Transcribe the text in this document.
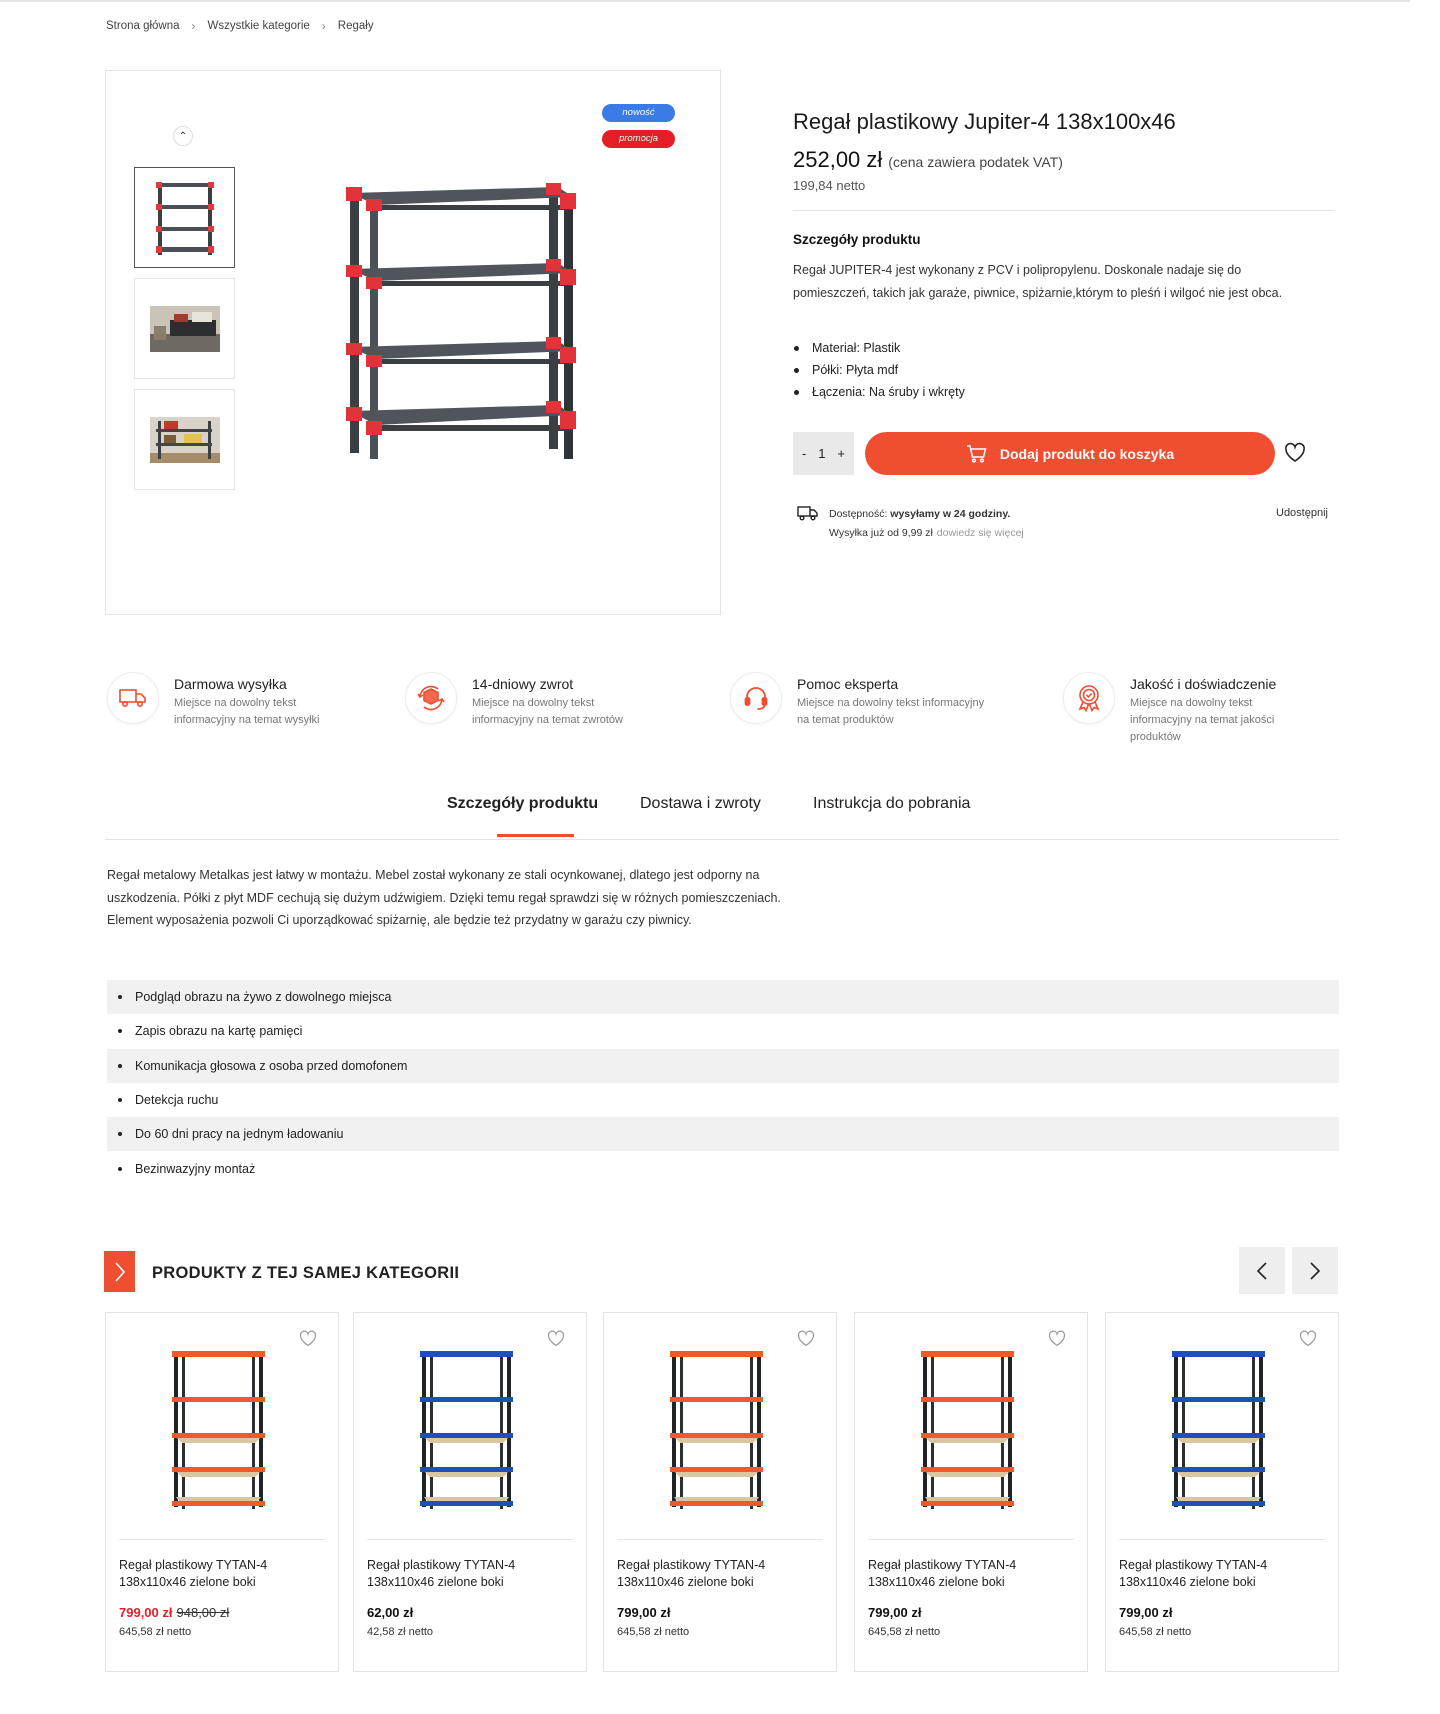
Strona główna › Wszystkie kategorie › Regały
⌃
nowość
promocja
Regał plastikowy Jupiter-4 138x100x46
252,00 zł (cena zawiera podatek VAT)
199,84 netto
Szczegóły produktu

Regał JUPITER-4 jest wykonany z PCV i polipropylenu. Doskonale nadaje się do pomieszczeń, takich jak garaże, piwnice, spiżarnie,którym to pleśń i wilgoć nie jest obca.

Materiał: Plastik
Półki: Płyta mdf
Łączenia: Na śruby i wkręty
- 1 +	Dodaj produkt do koszyka
Dostępność: wysyłamy w 24 godziny.
Wysyłka już od 9,99 zł dowiedz się więcej
Udostępnij
Darmowa wysyłka

Miejsce na dowolny tekst informacyjny na temat wysyłki

14-dniowy zwrot

Miejsce na dowolny tekst informacyjny na temat zwrotów

Pomoc eksperta

Miejsce na dowolny tekst informacyjny na temat produktów

Jakość i doświadczenie

Miejsce na dowolny tekst informacyjny na temat jakości produktów

Szczegóły produktu	Dostawa i zwroty	Instrukcja do pobrania

Regał metalowy Metalkas jest łatwy w montażu. Mebel został wykonany ze stali ocynkowanej, dlatego jest odporny na uszkodzenia. Półki z płyt MDF cechują się dużym udźwigiem. Dzięki temu regał sprawdzi się w różnych pomieszczeniach. Element wyposażenia pozwoli Ci uporządkować spiżarnię, ale będzie też przydatny w garażu czy piwnicy.

Podgląd obrazu na żywo z dowolnego miejsca
Zapis obrazu na kartę pamięci
Komunikacja głosowa z osoba przed domofonem
Detekcja ruchu
Do 60 dni pracy na jednym ładowaniu
Bezinwazyjny montaż
PRODUKTY Z TEJ SAMEJ KATEGORII
Regał plastikowy TYTAN-4
138x110x46 zielone boki
799,00 zł 948,00 zł
645,58 zł netto
Regał plastikowy TYTAN-4
138x110x46 zielone boki
62,00 zł
42,58 zł netto
Regał plastikowy TYTAN-4
138x110x46 zielone boki
799,00 zł
645,58 zł netto
Regał plastikowy TYTAN-4
138x110x46 zielone boki
799,00 zł
645,58 zł netto
Regał plastikowy TYTAN-4
138x110x46 zielone boki
799,00 zł
645,58 zł netto
